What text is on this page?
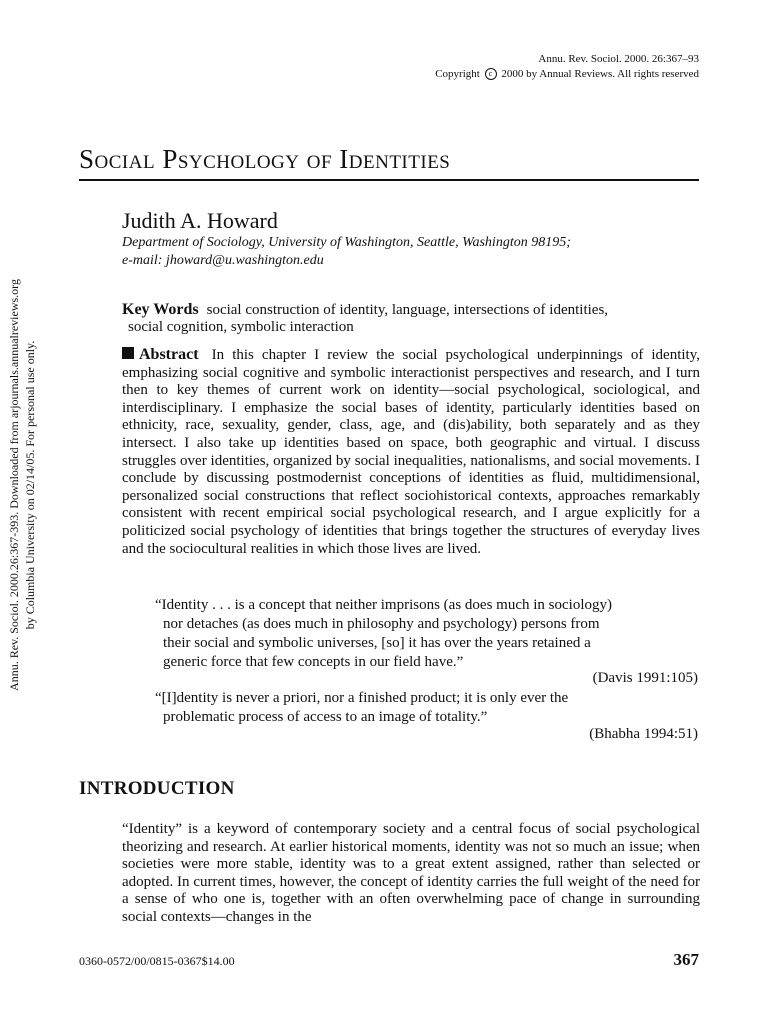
Annu. Rev. Sociol. 2000. 26:367–93
Copyright c 2000 by Annual Reviews. All rights reserved
Social Psychology of Identities
Judith A. Howard
Department of Sociology, University of Washington, Seattle, Washington 98195;
e-mail: jhoward@u.washington.edu
Annu. Rev. Sociol. 2000.26:367-393. Downloaded from arjournals.annualreviews.org by Columbia University on 02/14/05. For personal use only.
Key Words social construction of identity, language, intersections of identities,
social cognition, symbolic interaction
Abstract In this chapter I review the social psychological underpinnings of identity, emphasizing social cognitive and symbolic interactionist perspectives and research, and I turn then to key themes of current work on identity—social psychological, sociological, and interdisciplinary. I emphasize the social bases of identity, particularly identities based on ethnicity, race, sexuality, gender, class, age, and (dis)ability, both separately and as they intersect. I also take up identities based on space, both geographic and virtual. I discuss struggles over identities, organized by social inequalities, nationalisms, and social movements. I conclude by discussing postmodernist conceptions of identities as fluid, multidimensional, personalized social constructions that reflect sociohistorical contexts, approaches remarkably consistent with recent empirical social psychological research, and I argue explicitly for a politicized social psychology of identities that brings together the structures of everyday lives and the sociocultural realities in which those lives are lived.

“Identity . . . is a concept that neither imprisons (as does much in sociology)

nor detaches (as does much in philosophy and psychology) persons from

their social and symbolic universes, [so] it has over the years retained a

generic force that few concepts in our field have.”

(Davis 1991:105)

“[I]dentity is never a priori, nor a finished product; it is only ever the

problematic process of access to an image of totality.”

(Bhabha 1994:51)
INTRODUCTION
“Identity” is a keyword of contemporary society and a central focus of social psychological theorizing and research. At earlier historical moments, identity was not so much an issue; when societies were more stable, identity was to a great extent assigned, rather than selected or adopted. In current times, however, the concept of identity carries the full weight of the need for a sense of who one is, together with an often overwhelming pace of change in surrounding social contexts—changes in the
0360-0572/00/0815-0367$14.00	367
